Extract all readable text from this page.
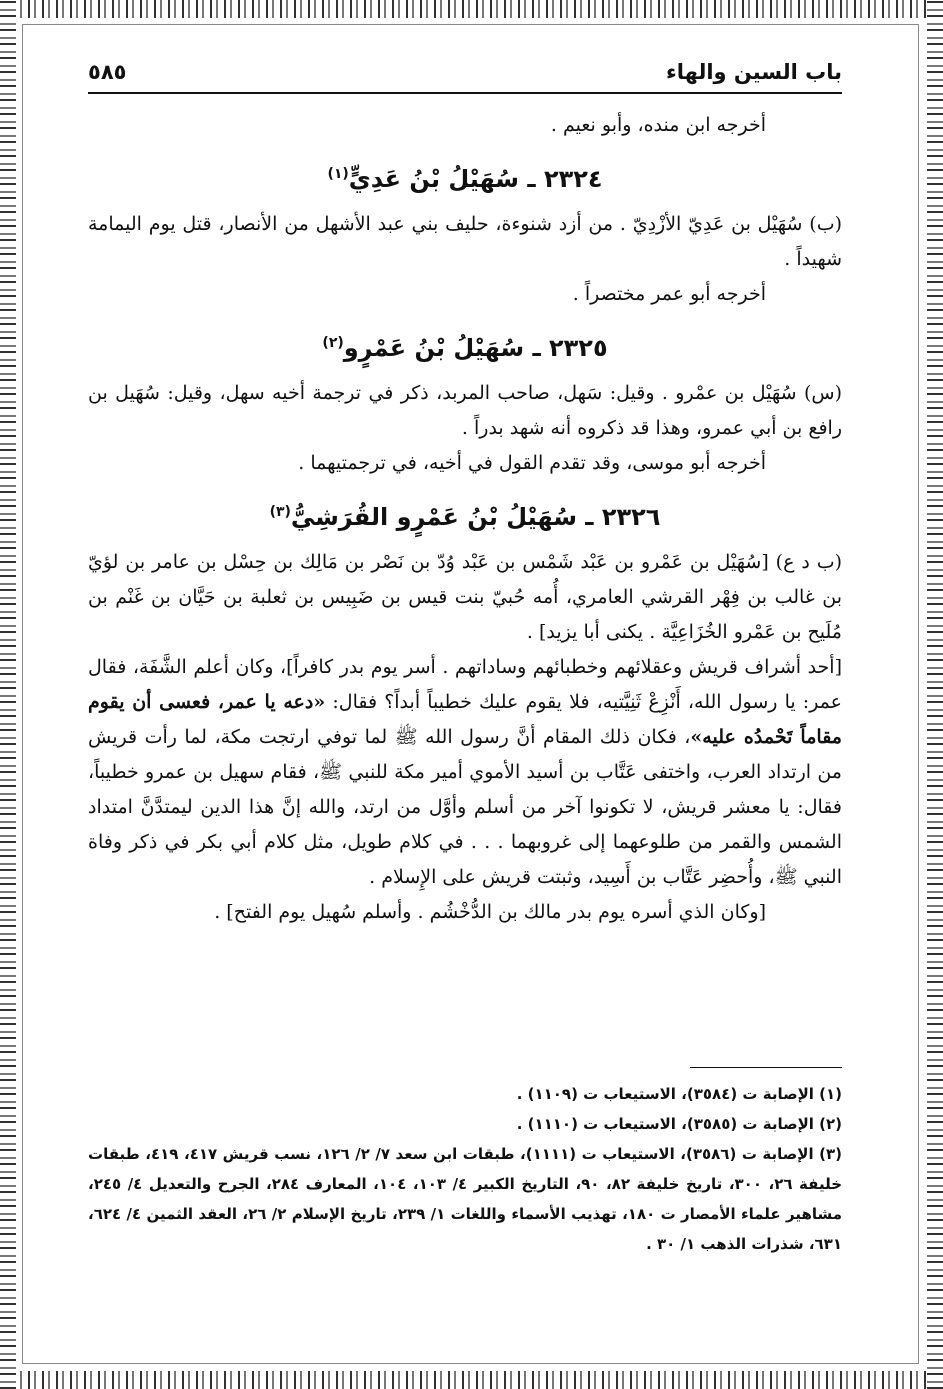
باب السين والهاء
٥٨٥

أخرجه ابن منده، وأبو نعيم .

٢٣٢٤ ـ سُهَيْلُ بْنُ عَدِيٍّ$^{(١)}$

(ب) سُهَيْل بن عَدِيّ الأزْدِيّ . من أزد شنوءة، حليف بني عبد الأشهل من الأنصار، قتل يوم اليمامة شهيداً .

أخرجه أبو عمر مختصراً .

٢٣٢٥ ـ سُهَيْلُ بْنُ عَمْرٍو$^{(٢)}$

(س) سُهَيْل بن عمْرو . وقيل: سَهل، صاحب المربد، ذكر في ترجمة أخيه سهل، وقيل: سُهَيل بن رافع بن أبي عمرو، وهذا قد ذكروه أنه شهد بدراً .

أخرجه أبو موسى، وقد تقدم القول في أخيه، في ترجمتيهما .

٢٣٢٦ ـ سُهَيْلُ بْنُ عَمْرٍو القُرَشِيُّ$^{(٣)}$

(ب د ع) [سُهَيْل بن عَمْرو بن عَبْد شَمْس بن عَبْد وُدّ بن نَصْر بن مَالِك بن حِسْل بن عامر بن لؤيّ بن غالب بن فِهْر القرشي العامري، أُمه حُبيّ بنت قيس بن ضَبِيس بن ثعلبة بن حَيَّان بن غَنْم بن مُلَيح بن عَمْرو الخُزَاعِيَّة . يكنى أبا يزيد] .

[أحد أشراف قريش وعقلائهم وخطبائهم وساداتهم . أسر يوم بدر كافراً]، وكان أعلم الشَّفَة، فقال عمر: يا رسول الله، أَنْزِعْ ثَنِيَّتيه، فلا يقوم عليك خطيباً أبداً؟ فقال: «دعه يا عمر، فعسى أن يقوم مقاماً تَحْمدُه عليه»، فكان ذلك المقام أنَّ رسول الله ﷺ لما توفي ارتجت مكة، لما رأت قريش من ارتداد العرب، واختفى عَتَّاب بن أسيد الأموي أمير مكة للنبي ﷺ، فقام سهيل بن عمرو خطيباً، فقال: يا معشر قريش، لا تكونوا آخر من أسلم وأوَّل من ارتد، والله إنَّ هذا الدين ليمتدَّنَّ امتداد الشمس والقمر من طلوعهما إلى غروبهما . . . في كلام طويل، مثل كلام أبي بكر في ذكر وفاة النبي ﷺ، وأُحضِر عَتَّاب بن أَسِيد، وثبتت قريش على الإِسلام .

[وكان الذي أسره يوم بدر مالك بن الدُّخْشُم . وأسلم سُهيل يوم الفتح] .

(١) الإصابة ت (٣٥٨٤)، الاستيعاب ت (١١٠٩) .

(٢) الإصابة ت (٣٥٨٥)، الاستيعاب ت (١١١٠) .

(٣) الإصابة ت (٣٥٨٦)، الاستيعاب ت (١١١١)، طبقات ابن سعد ٧/ ٢/ ١٢٦، نسب قريش ٤١٧، ٤١٩، طبقات خليفة ٢٦، ٣٠٠، تاريخ خليفة ٨٢، ٩٠، التاريخ الكبير ٤/ ١٠٣، ١٠٤، المعارف ٢٨٤، الجرح والتعديل ٤/ ٢٤٥، مشاهير علماء الأمصار ت ١٨٠، تهذيب الأسماء واللغات ١/ ٢٣٩، تاريخ الإسلام ٢/ ٢٦، العقد الثمين ٤/ ٦٢٤، ٦٣١، شذرات الذهب ١/ ٣٠ .
